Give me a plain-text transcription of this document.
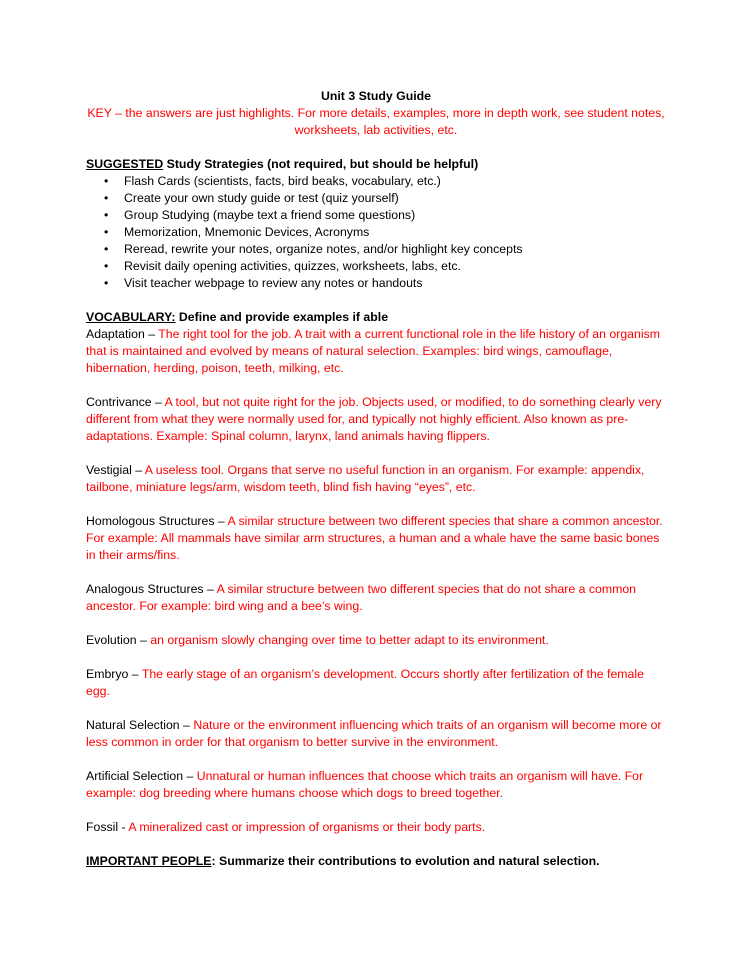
Unit 3 Study Guide

KEY – the answers are just highlights. For more details, examples, more in depth work, see student notes, worksheets, lab activities, etc.

SUGGESTED Study Strategies (not required, but should be helpful)

• Flash Cards (scientists, facts, bird beaks, vocabulary, etc.)
• Create your own study guide or test (quiz yourself)
• Group Studying (maybe text a friend some questions)
• Memorization, Mnemonic Devices, Acronyms
• Reread, rewrite your notes, organize notes, and/or highlight key concepts
• Revisit daily opening activities, quizzes, worksheets, labs, etc.
• Visit teacher webpage to review any notes or handouts

VOCABULARY: Define and provide examples if able

Adaptation – The right tool for the job. A trait with a current functional role in the life history of an organism that is maintained and evolved by means of natural selection. Examples: bird wings, camouflage, hibernation, herding, poison, teeth, milking, etc.

Contrivance – A tool, but not quite right for the job. Objects used, or modified, to do something clearly very different from what they were normally used for, and typically not highly efficient. Also known as pre-adaptations. Example: Spinal column, larynx, land animals having flippers.

Vestigial – A useless tool. Organs that serve no useful function in an organism. For example: appendix, tailbone, miniature legs/arm, wisdom teeth, blind fish having “eyes”, etc.

Homologous Structures – A similar structure between two different species that share a common ancestor. For example: All mammals have similar arm structures, a human and a whale have the same basic bones in their arms/fins.

Analogous Structures – A similar structure between two different species that do not share a common ancestor. For example: bird wing and a bee’s wing.

Evolution – an organism slowly changing over time to better adapt to its environment.

Embryo – The early stage of an organism’s development. Occurs shortly after fertilization of the female egg.

Natural Selection – Nature or the environment influencing which traits of an organism will become more or less common in order for that organism to better survive in the environment.

Artificial Selection – Unnatural or human influences that choose which traits an organism will have. For example: dog breeding where humans choose which dogs to breed together.

Fossil - A mineralized cast or impression of organisms or their body parts.

IMPORTANT PEOPLE: Summarize their contributions to evolution and natural selection.
